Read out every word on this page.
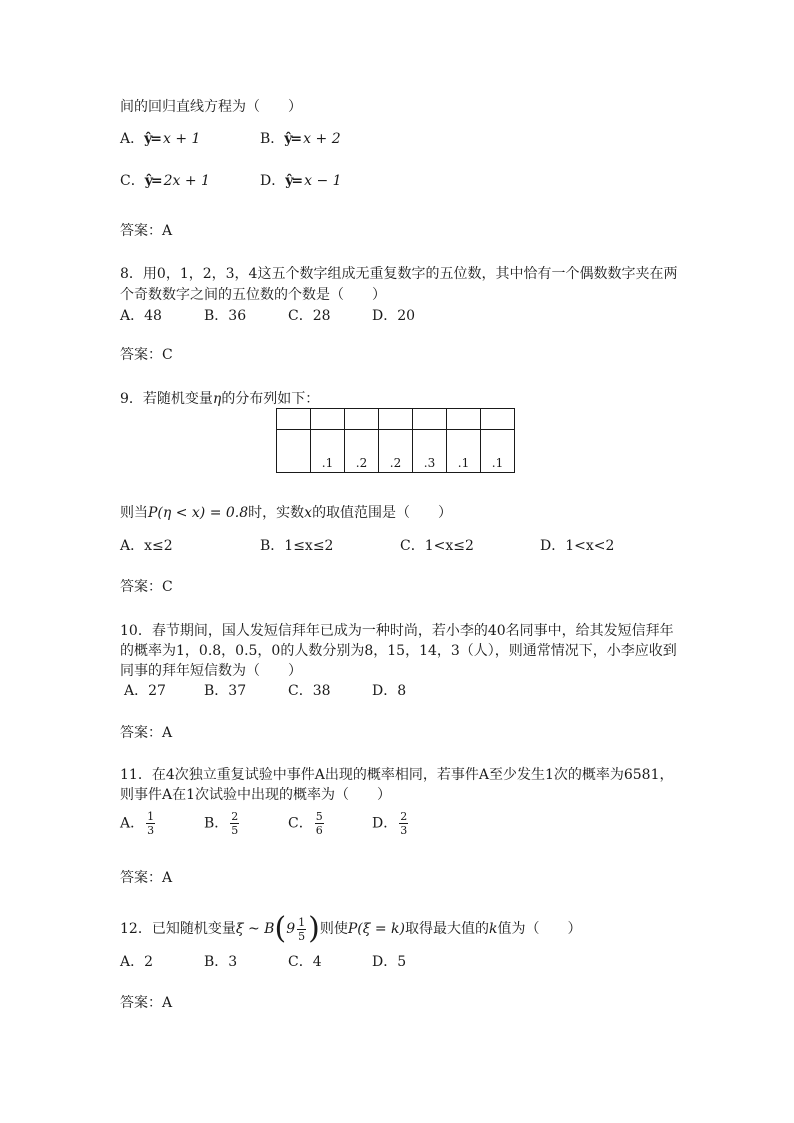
间的回归直线方程为（　　）
A．ŷ= x + 1	B．ŷ= x + 2
C．ŷ= 2x + 1	D．ŷ= x − 1
答案：A
8．用0，1，2，3，4这五个数字组成无重复数字的五位数，其中恰有一个偶数数字夹在两
个奇数数字之间的五位数的个数是（　　）
A．48	B．36	C．28	D．20
答案：C
9．若随机变量η的分布列如下：

	.1	.2	.2	.3	.1	.1
则当P(η < x) = 0.8时，实数x的取值范围是（　　）
A．x≤2	B．1≤x≤2	C．1<x≤2	D．1<x<2
答案：C
10．春节期间，国人发短信拜年已成为一种时尚，若小李的40名同事中，给其发短信拜年
的概率为1，0.8，0.5，0的人数分别为8，15，14，3（人），则通常情况下，小李应收到
同事的拜年短信数为（　　）
A．27	B．37	C．38	D．8
答案：A
11．在4次独立重复试验中事件A出现的概率相同，若事件A至少发生1次的概率为6581，
则事件A在1次试验中出现的概率为（　　）
A． $\frac{1}{3}$	B． $\frac{2}{5}$	C． $\frac{5}{6}$	D． $\frac{2}{3}$
答案：A
12．已知随机变量ξ ~ $B(9 \frac{1}{5}$ )则使P(ξ = k)取得最大值的k值为（　　）
A．2	B．3	C．4	D．5
答案：A
